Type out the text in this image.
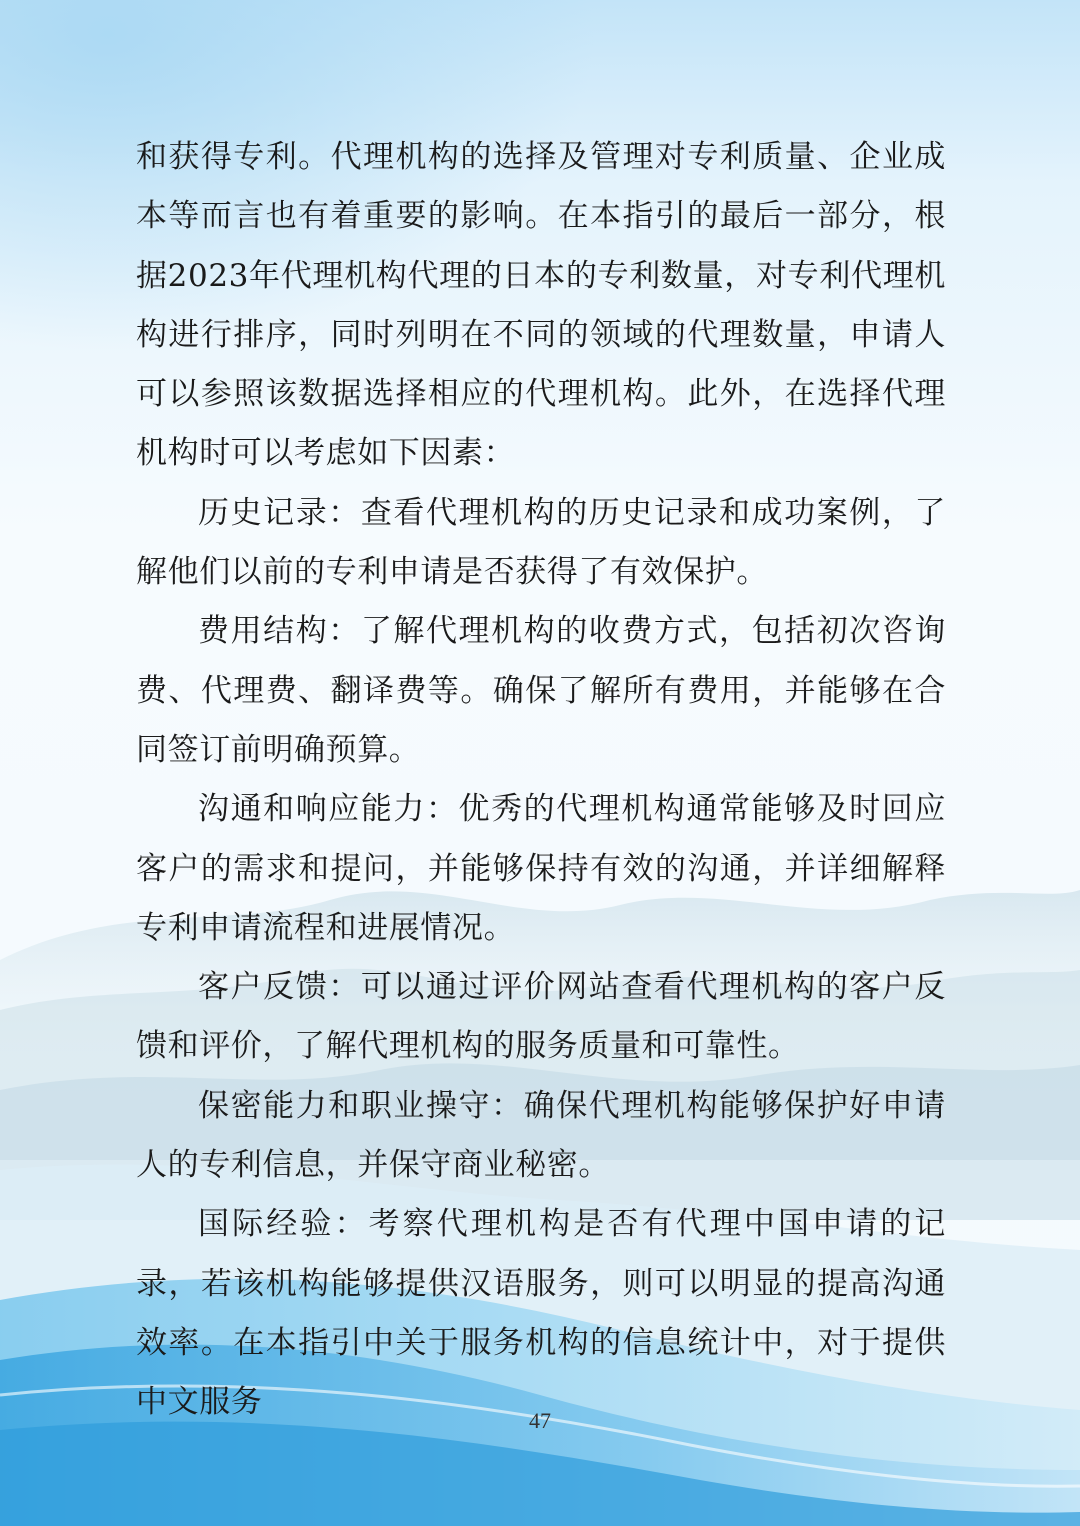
和获得专利。代理机构的选择及管理对专利质量、企业成本等而言也有着重要的影响。在本指引的最后一部分，根据2023年代理机构代理的日本的专利数量，对专利代理机构进行排序，同时列明在不同的领域的代理数量，申请人可以参照该数据选择相应的代理机构。此外，在选择代理机构时可以考虑如下因素：

历史记录：查看代理机构的历史记录和成功案例，了解他们以前的专利申请是否获得了有效保护。

费用结构：了解代理机构的收费方式，包括初次咨询费、代理费、翻译费等。确保了解所有费用，并能够在合同签订前明确预算。

沟通和响应能力：优秀的代理机构通常能够及时回应客户的需求和提问，并能够保持有效的沟通，并详细解释专利申请流程和进展情况。

客户反馈：可以通过评价网站查看代理机构的客户反馈和评价，了解代理机构的服务质量和可靠性。

保密能力和职业操守：确保代理机构能够保护好申请人的专利信息，并保守商业秘密。

国际经验：考察代理机构是否有代理中国申请的记录，若该机构能够提供汉语服务，则可以明显的提高沟通效率。在本指引中关于服务机构的信息统计中，对于提供中文服务

47
